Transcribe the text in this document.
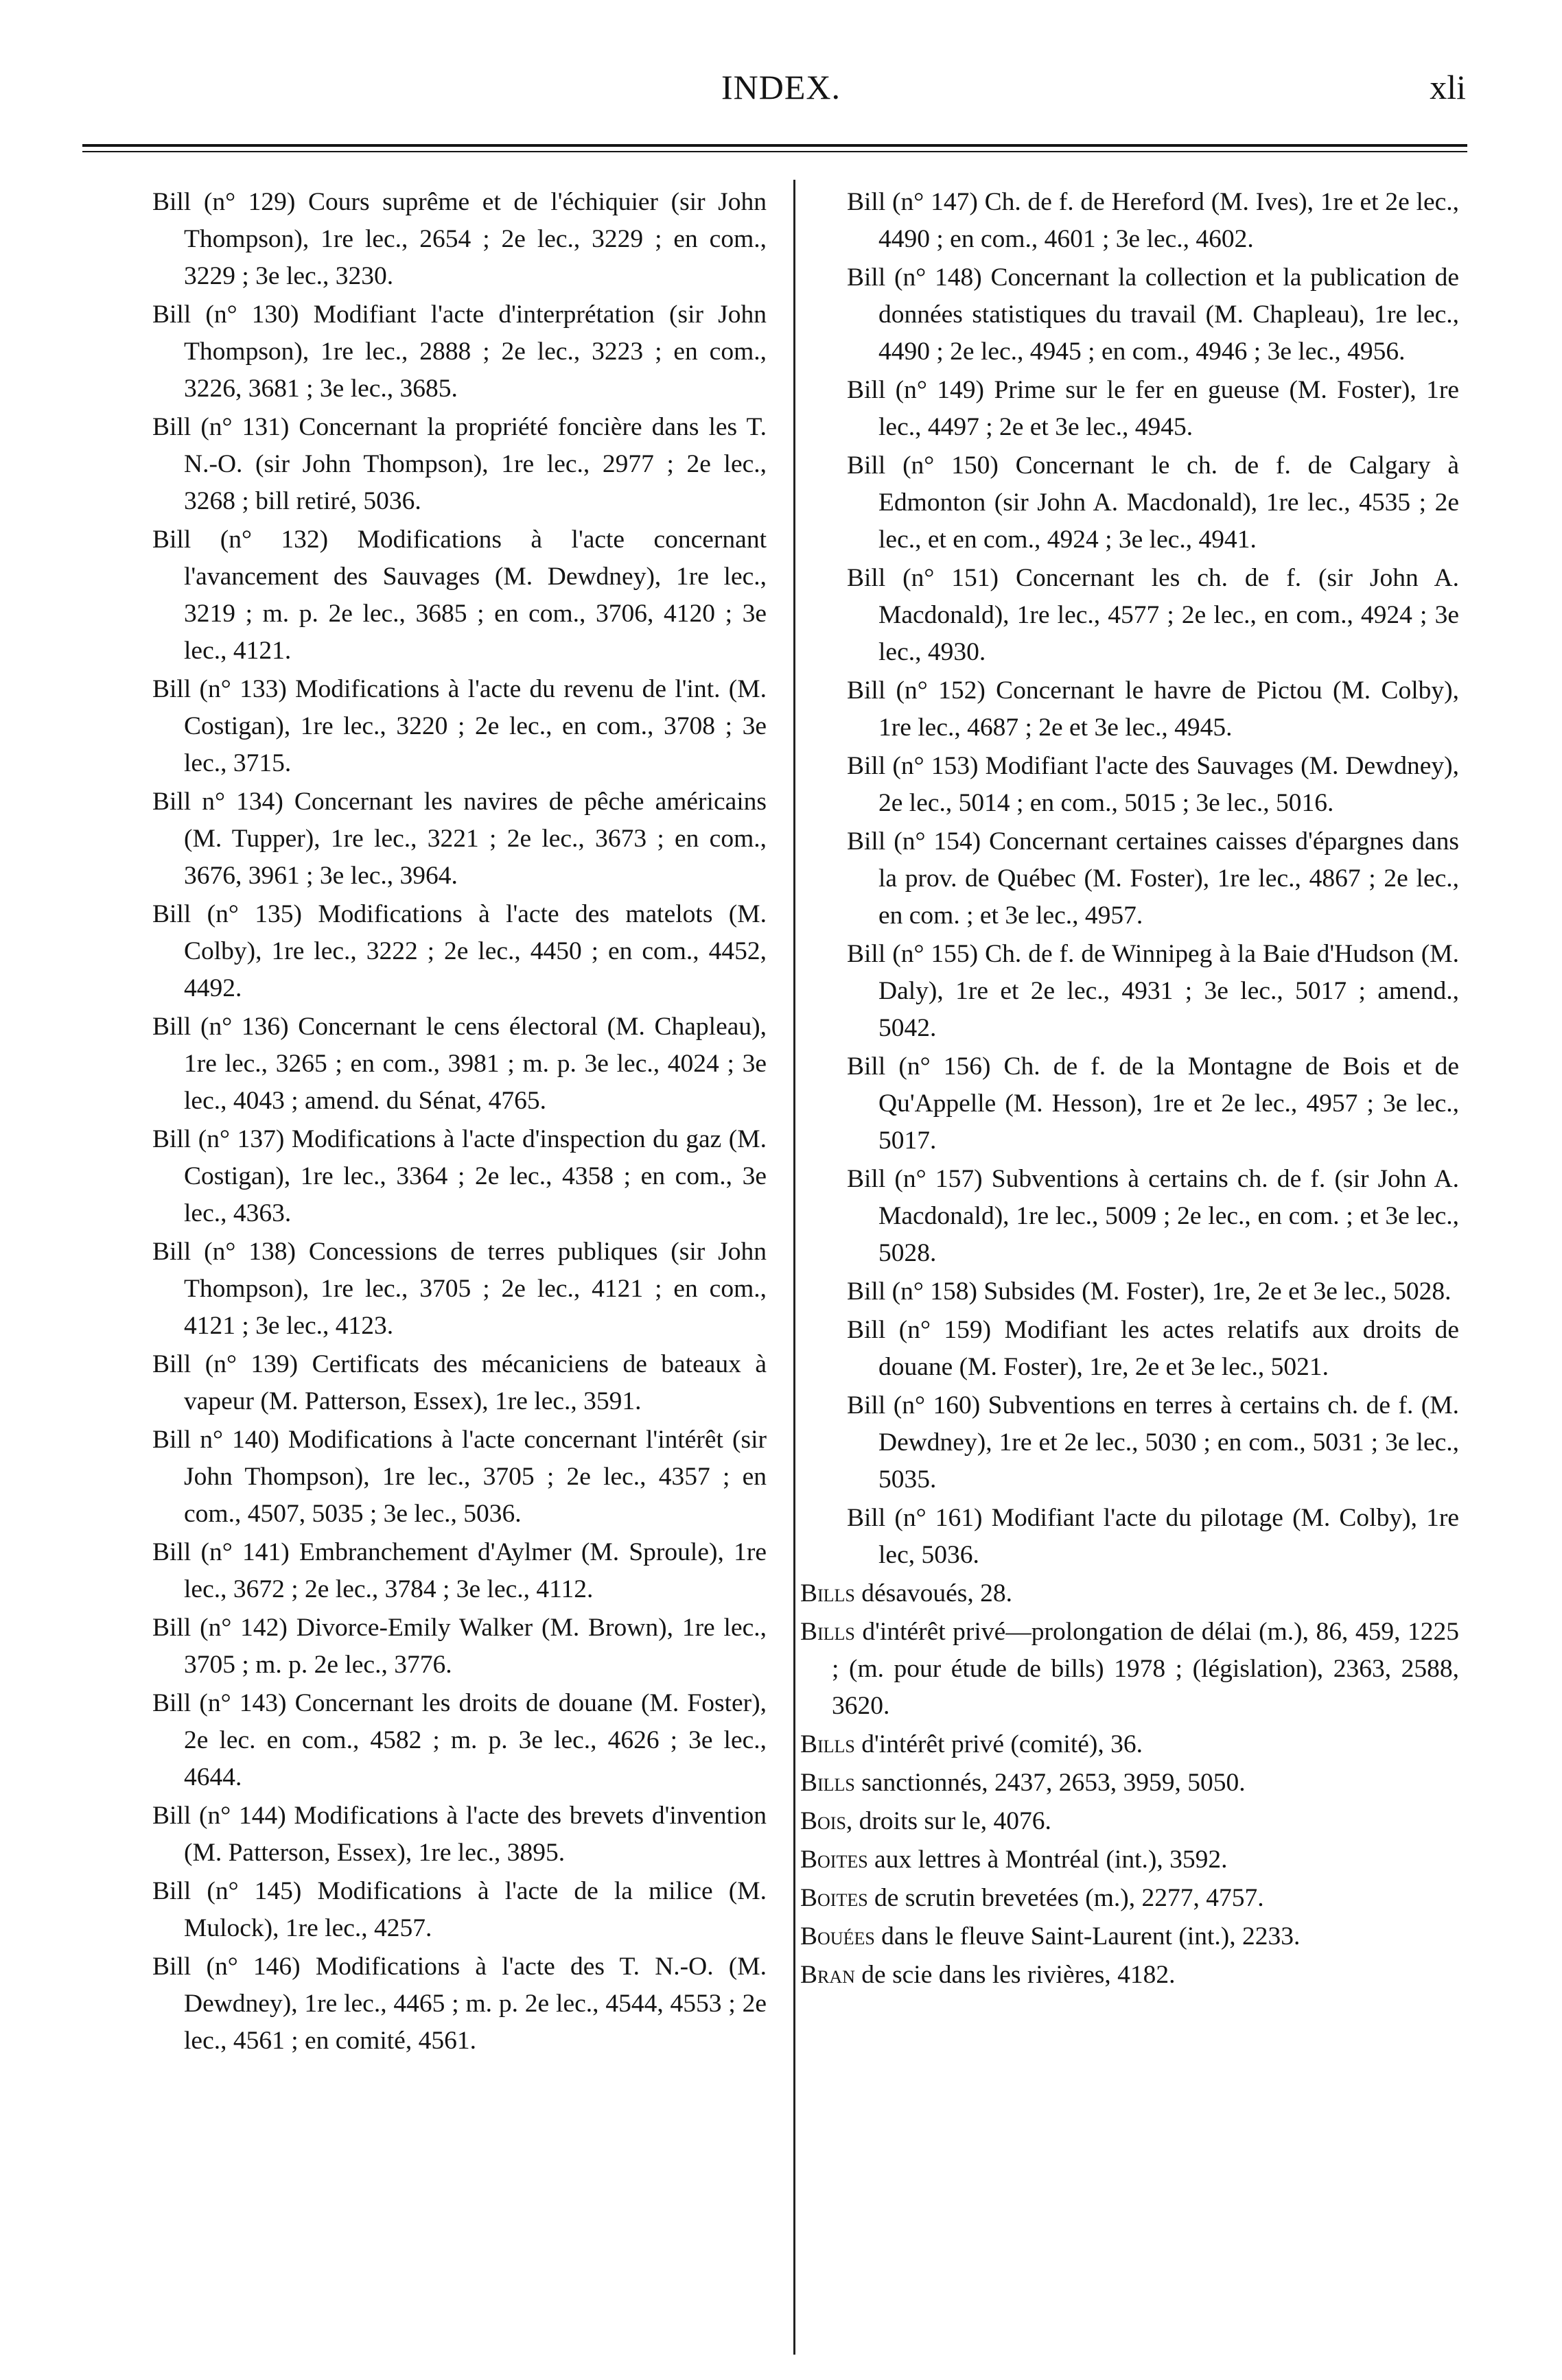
INDEX.	xli

Bill (n° 129) Cours suprême et de l'échiquier (sir John Thompson), 1re lec., 2654 ; 2e lec., 3229 ; en com., 3229 ; 3e lec., 3230.

Bill (n° 130) Modifiant l'acte d'interprétation (sir John Thompson), 1re lec., 2888 ; 2e lec., 3223 ; en com., 3226, 3681 ; 3e lec., 3685.

Bill (n° 131) Concernant la propriété foncière dans les T. N.-O. (sir John Thompson), 1re lec., 2977 ; 2e lec., 3268 ; bill retiré, 5036.

Bill (n° 132) Modifications à l'acte concernant l'avancement des Sauvages (M. Dewdney), 1re lec., 3219 ; m. p. 2e lec., 3685 ; en com., 3706, 4120 ; 3e lec., 4121.

Bill (n° 133) Modifications à l'acte du revenu de l'int. (M. Costigan), 1re lec., 3220 ; 2e lec., en com., 3708 ; 3e lec., 3715.

Bill n° 134) Concernant les navires de pêche américains (M. Tupper), 1re lec., 3221 ; 2e lec., 3673 ; en com., 3676, 3961 ; 3e lec., 3964.

Bill (n° 135) Modifications à l'acte des matelots (M. Colby), 1re lec., 3222 ; 2e lec., 4450 ; en com., 4452, 4492.

Bill (n° 136) Concernant le cens électoral (M. Chapleau), 1re lec., 3265 ; en com., 3981 ; m. p. 3e lec., 4024 ; 3e lec., 4043 ; amend. du Sénat, 4765.

Bill (n° 137) Modifications à l'acte d'inspection du gaz (M. Costigan), 1re lec., 3364 ; 2e lec., 4358 ; en com., 3e lec., 4363.

Bill (n° 138) Concessions de terres publiques (sir John Thompson), 1re lec., 3705 ; 2e lec., 4121 ; en com., 4121 ; 3e lec., 4123.

Bill (n° 139) Certificats des mécaniciens de bateaux à vapeur (M. Patterson, Essex), 1re lec., 3591.

Bill n° 140) Modifications à l'acte concernant l'intérêt (sir John Thompson), 1re lec., 3705 ; 2e lec., 4357 ; en com., 4507, 5035 ; 3e lec., 5036.

Bill (n° 141) Embranchement d'Aylmer (M. Sproule), 1re lec., 3672 ; 2e lec., 3784 ; 3e lec., 4112.

Bill (n° 142) Divorce-Emily Walker (M. Brown), 1re lec., 3705 ; m. p. 2e lec., 3776.

Bill (n° 143) Concernant les droits de douane (M. Foster), 2e lec. en com., 4582 ; m. p. 3e lec., 4626 ; 3e lec., 4644.

Bill (n° 144) Modifications à l'acte des brevets d'invention (M. Patterson, Essex), 1re lec., 3895.

Bill (n° 145) Modifications à l'acte de la milice (M. Mulock), 1re lec., 4257.

Bill (n° 146) Modifications à l'acte des T. N.-O. (M. Dewdney), 1re lec., 4465 ; m. p. 2e lec., 4544, 4553 ; 2e lec., 4561 ; en comité, 4561.

Bill (n° 147) Ch. de f. de Hereford (M. Ives), 1re et 2e lec., 4490 ; en com., 4601 ; 3e lec., 4602.

Bill (n° 148) Concernant la collection et la publication de données statistiques du travail (M. Chapleau), 1re lec., 4490 ; 2e lec., 4945 ; en com., 4946 ; 3e lec., 4956.

Bill (n° 149) Prime sur le fer en gueuse (M. Foster), 1re lec., 4497 ; 2e et 3e lec., 4945.

Bill (n° 150) Concernant le ch. de f. de Calgary à Edmonton (sir John A. Macdonald), 1re lec., 4535 ; 2e lec., et en com., 4924 ; 3e lec., 4941.

Bill (n° 151) Concernant les ch. de f. (sir John A. Macdonald), 1re lec., 4577 ; 2e lec., en com., 4924 ; 3e lec., 4930.

Bill (n° 152) Concernant le havre de Pictou (M. Colby), 1re lec., 4687 ; 2e et 3e lec., 4945.

Bill (n° 153) Modifiant l'acte des Sauvages (M. Dewdney), 2e lec., 5014 ; en com., 5015 ; 3e lec., 5016.

Bill (n° 154) Concernant certaines caisses d'épargnes dans la prov. de Québec (M. Foster), 1re lec., 4867 ; 2e lec., en com. ; et 3e lec., 4957.

Bill (n° 155) Ch. de f. de Winnipeg à la Baie d'Hudson (M. Daly), 1re et 2e lec., 4931 ; 3e lec., 5017 ; amend., 5042.

Bill (n° 156) Ch. de f. de la Montagne de Bois et de Qu'Appelle (M. Hesson), 1re et 2e lec., 4957 ; 3e lec., 5017.

Bill (n° 157) Subventions à certains ch. de f. (sir John A. Macdonald), 1re lec., 5009 ; 2e lec., en com. ; et 3e lec., 5028.

Bill (n° 158) Subsides (M. Foster), 1re, 2e et 3e lec., 5028.

Bill (n° 159) Modifiant les actes relatifs aux droits de douane (M. Foster), 1re, 2e et 3e lec., 5021.

Bill (n° 160) Subventions en terres à certains ch. de f. (M. Dewdney), 1re et 2e lec., 5030 ; en com., 5031 ; 3e lec., 5035.

Bill (n° 161) Modifiant l'acte du pilotage (M. Colby), 1re lec, 5036.

Bills désavoués, 28.

Bills d'intérêt privé—prolongation de délai (m.), 86, 459, 1225 ; (m. pour étude de bills) 1978 ; (législation), 2363, 2588, 3620.

Bills d'intérêt privé (comité), 36.

Bills sanctionnés, 2437, 2653, 3959, 5050.

Bois, droits sur le, 4076.

Boites aux lettres à Montréal (int.), 3592.

Boites de scrutin brevetées (m.), 2277, 4757.

Bouées dans le fleuve Saint-Laurent (int.), 2233.

Bran de scie dans les rivières, 4182.
